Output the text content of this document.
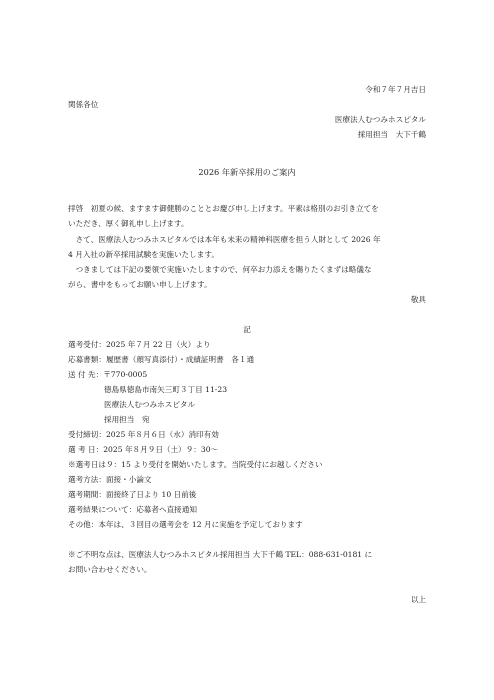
令和７年７月吉日
関係各位
医療法人むつみホスピタル
採用担当　大下千鶴
2026 年新卒採用のご案内
拝啓　初夏の候、ますます御健勝のこととお慶び申し上げます。平素は格別のお引き立てを
いただき、厚く御礼申し上げます。
　さて、医療法人むつみホスピタルでは本年も未来の精神科医療を担う人財として 2026 年
4 月入社の新卒採用試験を実施いたします。
　つきましては下記の要領で実施いたしますので、何卒お力添えを賜りたくまずは略儀な
がら、書中をもってお願い申し上げます。
敬具
記
選考受付：2025 年７月 22 日（火）より
応募書類：履歴書（顔写真添付）・成績証明書　各１通
送 付 先：〒770-0005
徳島県徳島市南矢三町３丁目 11-23
医療法人むつみホスピタル
採用担当　宛
受付締切：2025 年８月６日（水）消印有効
選 考 日：2025 年８月９日（土）９：30～
※選考日は９：15 より受付を開始いたします。当院受付にお越しください
選考方法：面接・小論文
選考期間：面接終了日より 10 日前後
選考結果について：応募者へ直接通知
その他：本年は、３回目の選考会を 12 月に実施を予定しております
※ご不明な点は、医療法人むつみホスピタル採用担当 大下千鶴 TEL：088-631-0181 に
お問い合わせください。
以上
